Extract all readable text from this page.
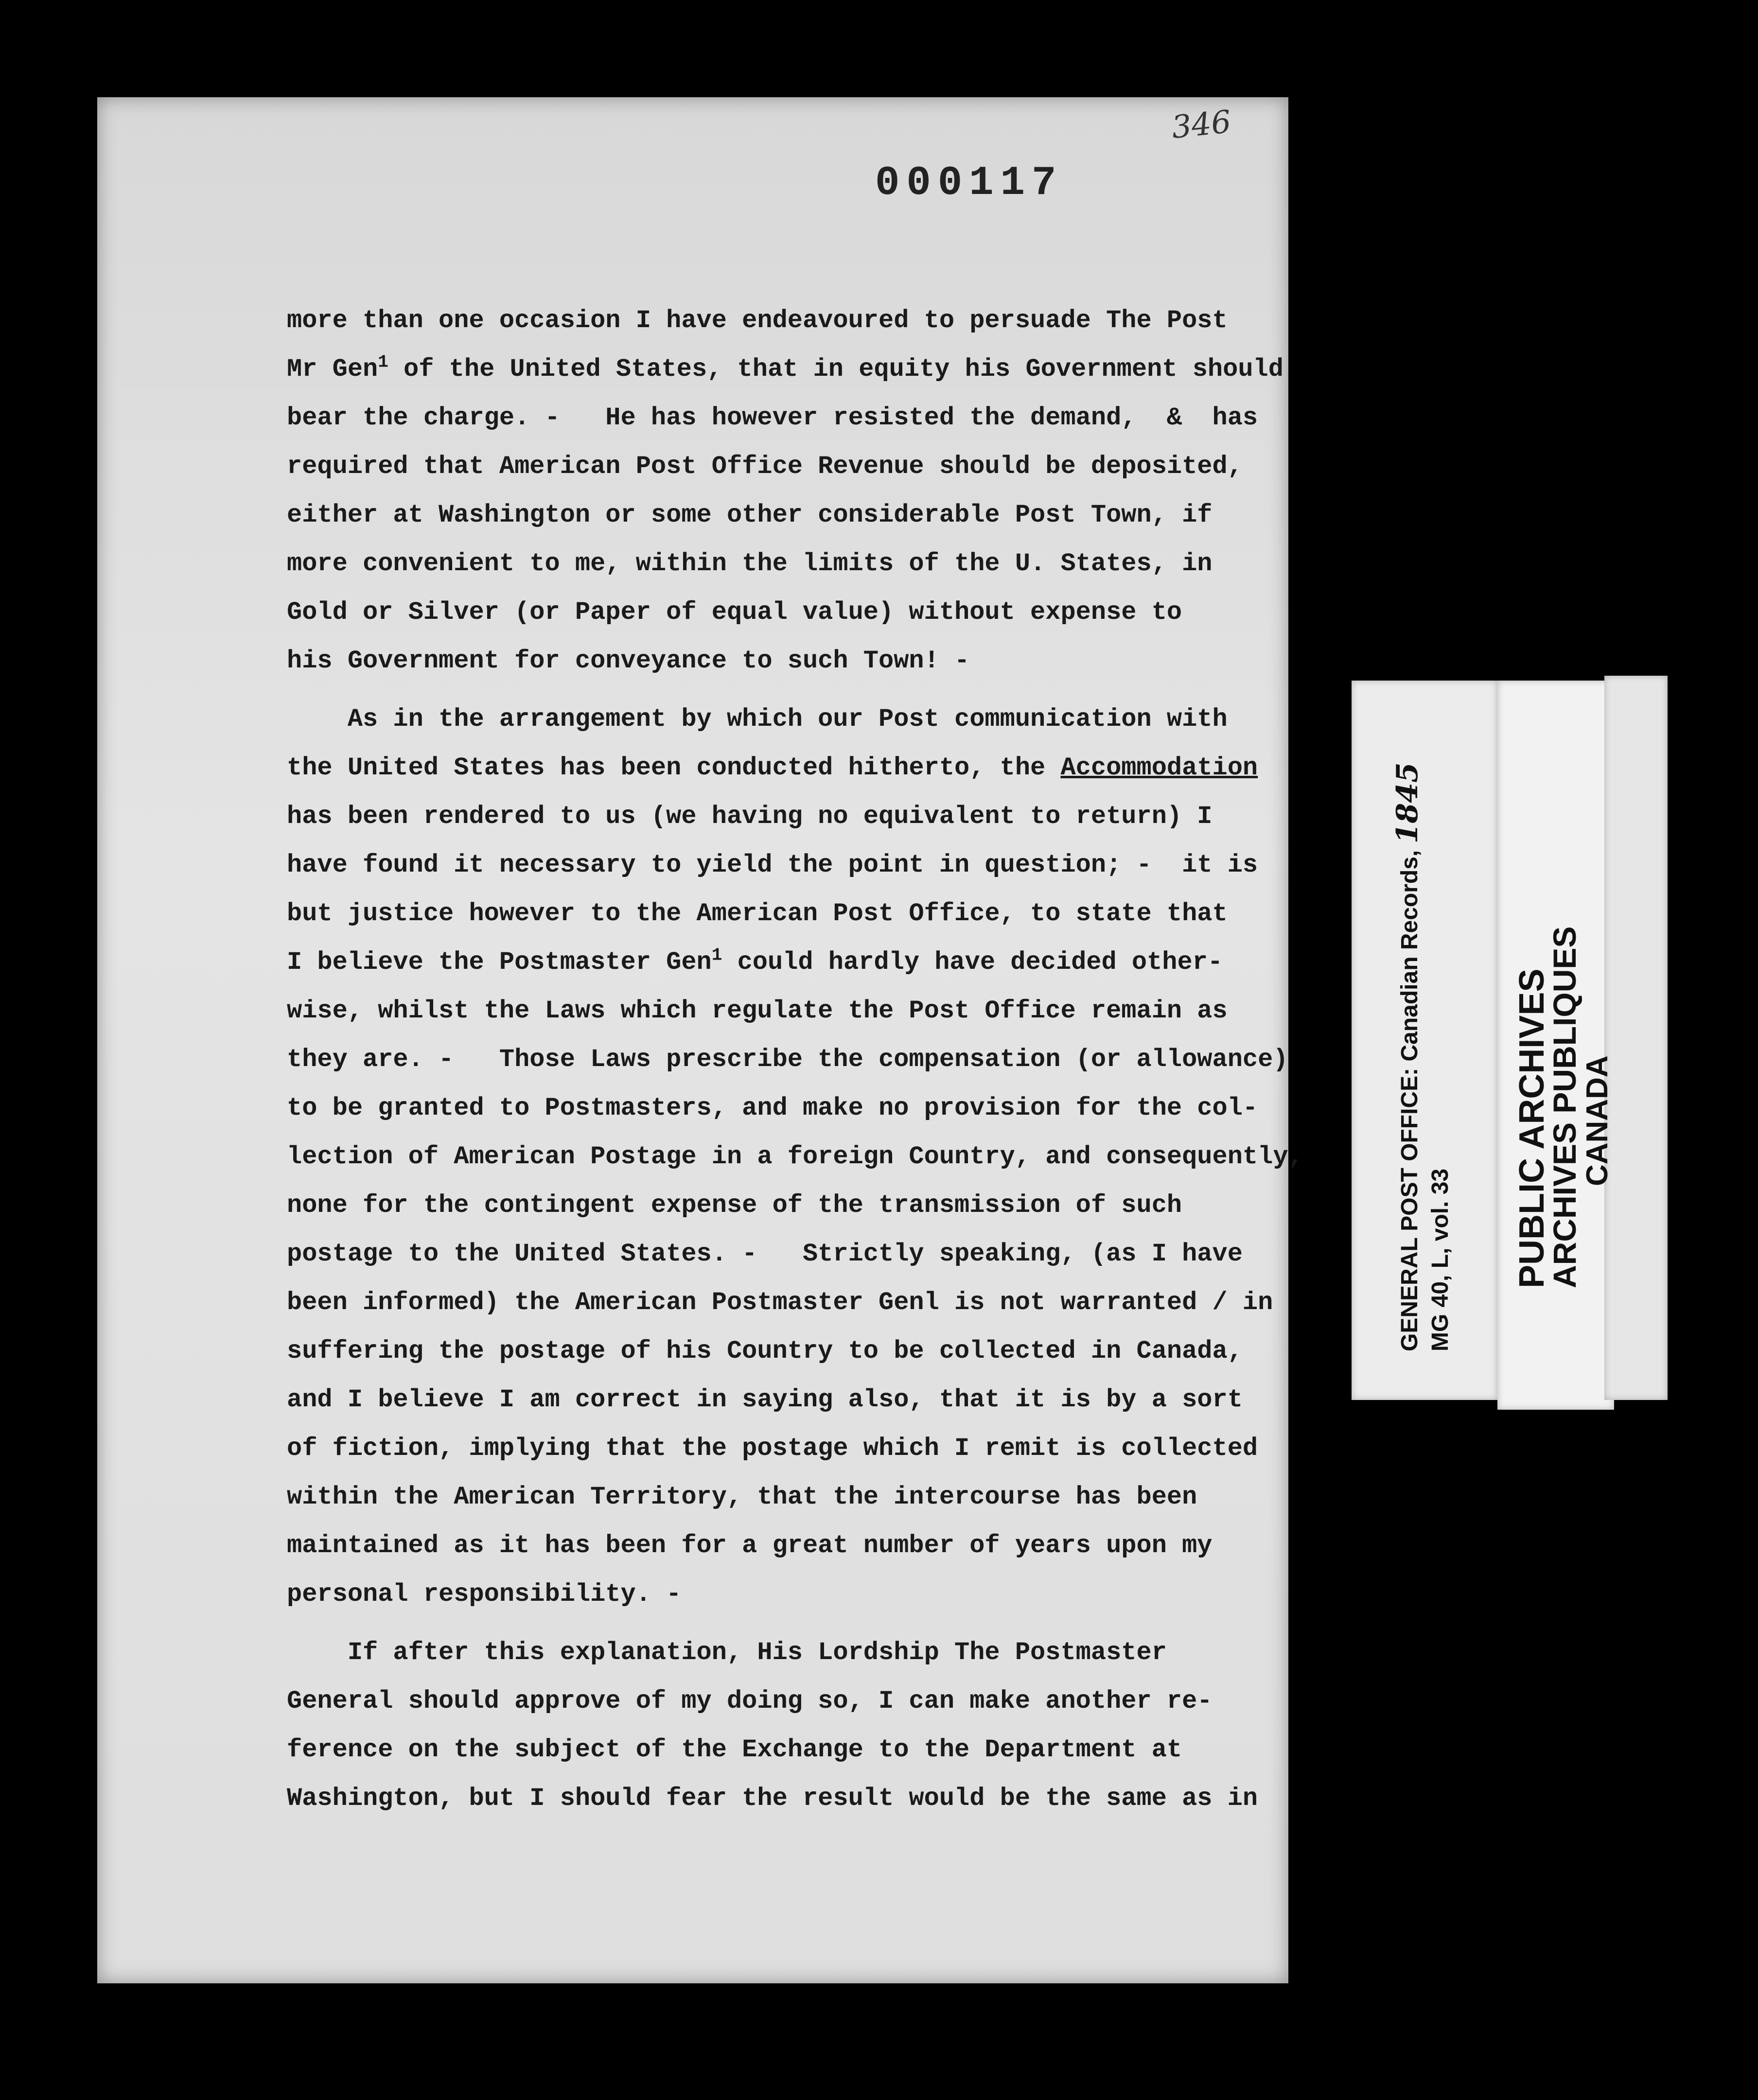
346
000117
more than one occasion I have endeavoured to persuade The Post
Mr Gen$^1$ of the United States, that in equity his Government should
bear the charge. -   He has however resisted the demand,  &  has
required that American Post Office Revenue should be deposited,
either at Washington or some other considerable Post Town, if
more convenient to me, within the limits of the U. States, in
Gold or Silver (or Paper of equal value) without expense to
his Government for conveyance to such Town! -
As in the arrangement by which our Post communication with
the United States has been conducted hitherto, the Accommodation
has been rendered to us (we having no equivalent to return) I
have found it necessary to yield the point in question; -  it is
but justice however to the American Post Office, to state that
I believe the Postmaster Gen$^1$ could hardly have decided other-
wise, whilst the Laws which regulate the Post Office remain as
they are. -   Those Laws prescribe the compensation (or allowance)
to be granted to Postmasters, and make no provision for the col-
lection of American Postage in a foreign Country, and consequently,
none for the contingent expense of the transmission of such
postage to the United States. -   Strictly speaking, (as I have
been informed) the American Postmaster Genl is not warranted / in
suffering the postage of his Country to be collected in Canada,
and I believe I am correct in saying also, that it is by a sort
of fiction, implying that the postage which I remit is collected
within the American Territory, that the intercourse has been
maintained as it has been for a great number of years upon my
personal responsibility. -
If after this explanation, His Lordship The Postmaster
General should approve of my doing so, I can make another re-
ference on the subject of the Exchange to the Department at
Washington, but I should fear the result would be the same as in
GENERAL POST OFFICE: Canadian Records, 1845
MG 40, L, vol. 33 PUBLIC ARCHIVES
ARCHIVES PUBLIQUES
CANADA
